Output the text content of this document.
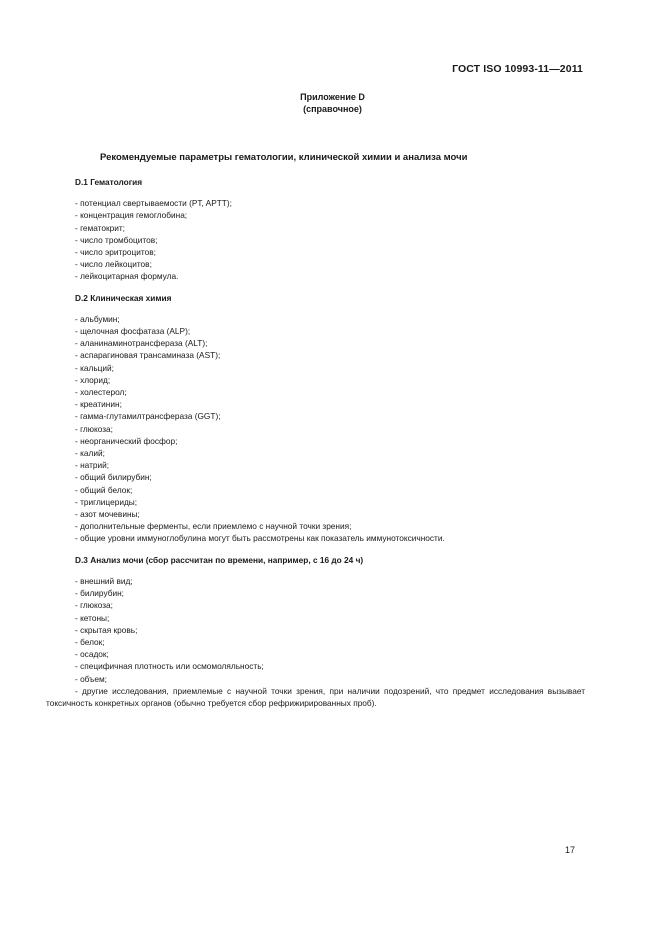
ГОСТ ISO 10993-11—2011
Приложение D
(справочное)
Рекомендуемые параметры гематологии, клинической химии и анализа мочи
D.1 Гематология
- потенциал свертываемости (PT, APTT);
- концентрация гемоглобина;
- гематокрит;
- число тромбоцитов;
- число эритроцитов;
- число лейкоцитов;
- лейкоцитарная формула.
D.2 Клиническая химия
- альбумин;
- щелочная фосфатаза (ALP);
- аланинаминотрансфераза (ALT);
- аспарагиновая трансаминаза (AST);
- кальций;
- хлорид;
- холестерол;
- креатинин;
- гамма-глутамилтрансфераза (GGT);
- глюкоза;
- неорганический фосфор;
- калий;
- натрий;
- общий билирубин;
- общий белок;
- триглицериды;
- азот мочевины;
- дополнительные ферменты, если приемлемо с научной точки зрения;
- общие уровни иммуноглобулина могут быть рассмотрены как показатель иммунотоксичности.
D.3 Анализ мочи (сбор рассчитан по времени, например, с 16 до 24 ч)
- внешний вид;
- билирубин;
- глюкоза;
- кетоны;
- скрытая кровь;
- белок;
- осадок;
- специфичная плотность или осмомоляльность;
- объем;

- другие исследования, приемлемые с научной точки зрения, при наличии подозрений, что предмет исследования вызывает токсичность конкретных органов (обычно требуется сбор рефрижирированных проб).

17
